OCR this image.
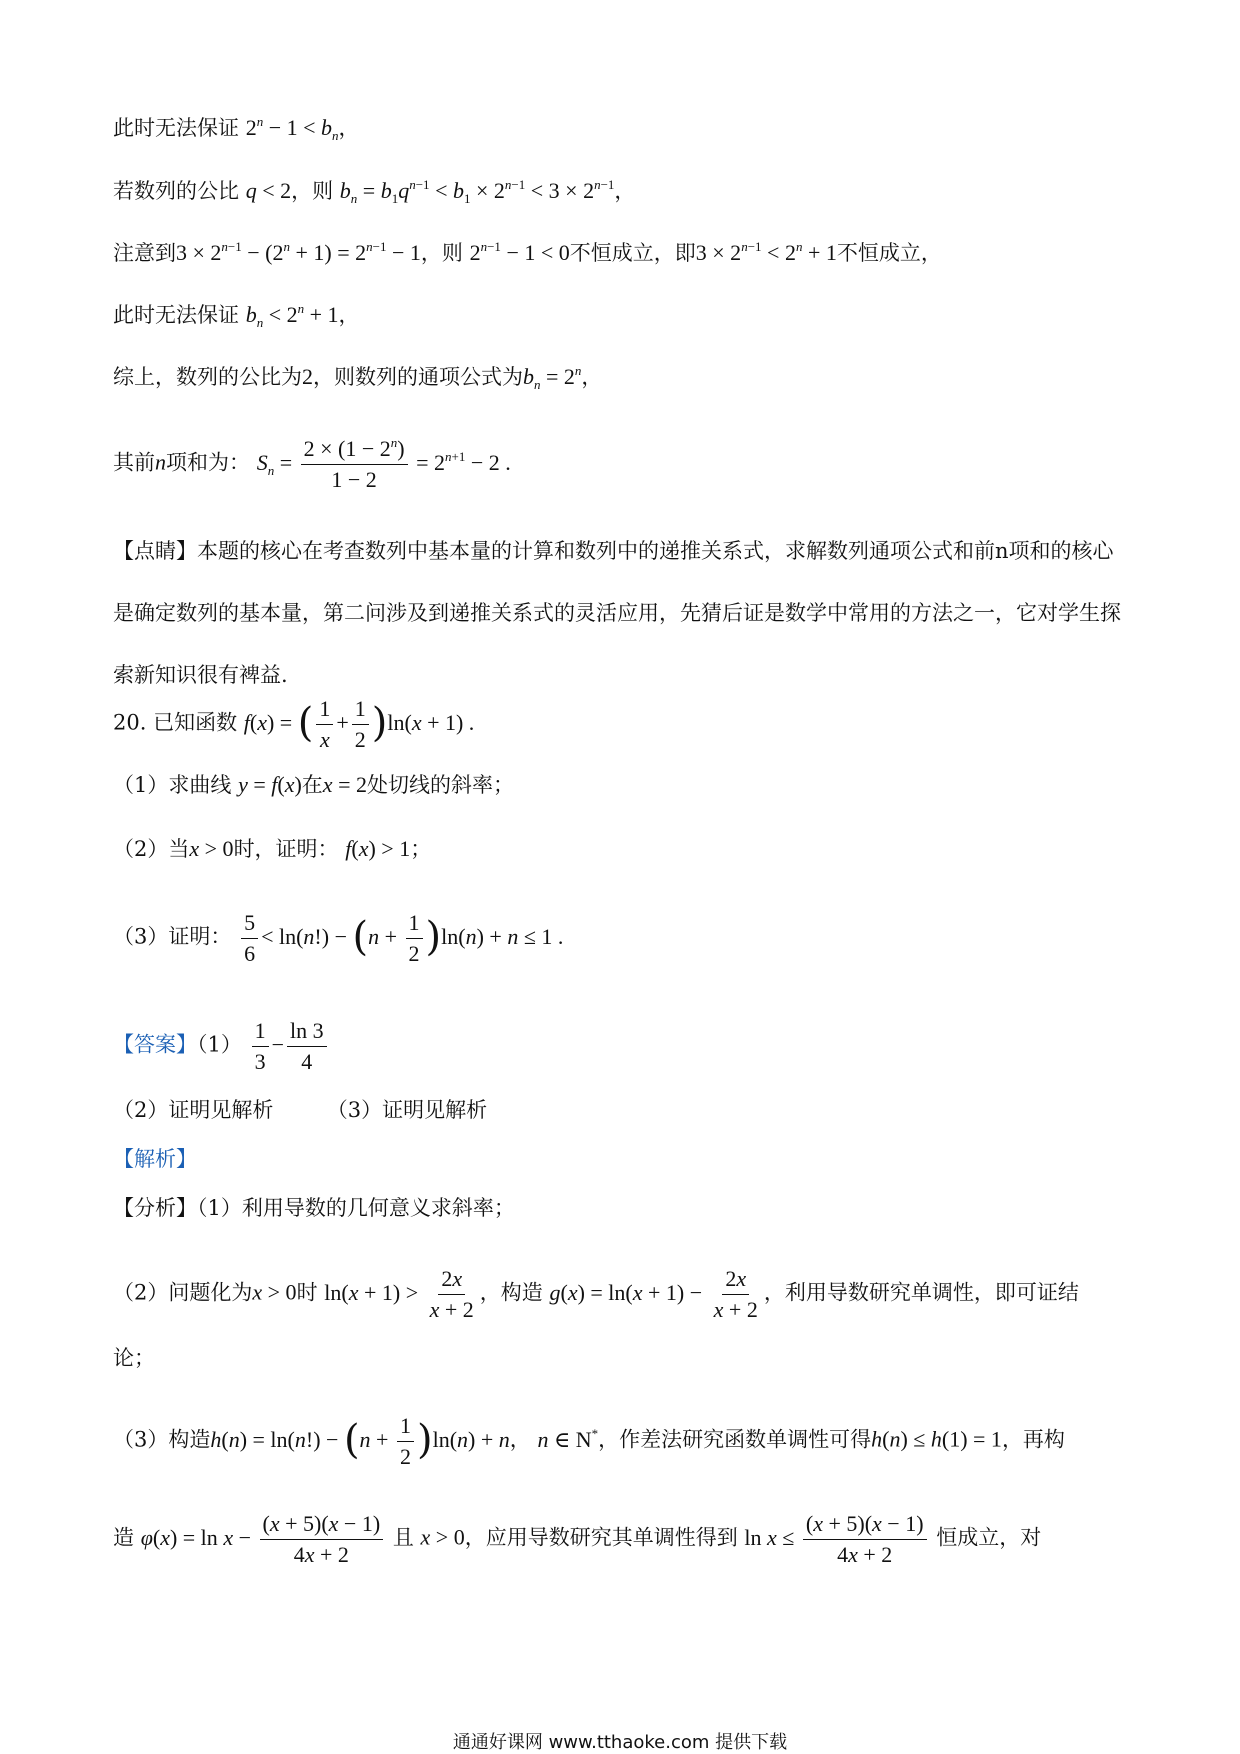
此时无法保证 $2^n - 1 < b_n$，
若数列的公比 q < 2，则 $b_n = b_1q^{n-1} < b_1 \times 2^{n-1} < 3 \times 2^{n-1}$，
注意到$3 \times 2^{n-1} - (2^n + 1) = 2^{n-1} - 1$，则 $2^{n-1} - 1 < 0$不恒成立，即$3 \times 2^{n-1} < 2^n + 1$不恒成立，
此时无法保证 $b_n < 2^n + 1$，
综上，数列的公比为2，则数列的通项公式为$b_n = 2^n$，
其前n项和为： $S_n = \frac{2 \times (1 - 2^n)}{1 - 2} = 2^{n+1} - 2$ .
【点睛】本题的核心在考查数列中基本量的计算和数列中的递推关系式，求解数列通项公式和前n项和的核心是确定数列的基本量，第二问涉及到递推关系式的灵活应用，先猜后证是数学中常用的方法之一，它对学生探索新知识很有裨益.
20. 已知函数 f(x) = ( $\frac{1}{x} + \frac{1}{2} )\ln(x + 1)$ .
（1）求曲线 y = f(x)在x = 2处切线的斜率；
（2）当x > 0时，证明： f(x) > 1；
（3）证明： $\frac{5}{6} < \ln(n!) - (n + \frac{1}{2} )\ln(n) + n \le 1$ .
【答案】$(1) \frac{1}{3} - \frac{\ln 3}{4}$
（2）证明见解析	（3）证明见解析
【解析】
【分析】（1）利用导数的几何意义求斜率；
（2）问题化为x > 0时 $\ln(x + 1) > \frac{2x}{x + 2}$ ，构造 $g(x) = \ln(x + 1) - \frac{2x}{x + 2}$ ，利用导数研究单调性，即可证结
论；
（3）构造$h(n) = \ln(n!) - (n + \frac{1}{2} )\ln(n) + n$， n ∈ N*，作差法研究函数单调性可得h(n) ≤ h(1) = 1，再构
造 $\varphi(x) = \ln x - \frac{(x + 5)(x - 1)}{4x + 2}$ 且 x > 0，应用导数研究其单调性得到 $\ln x \le \frac{(x + 5)(x - 1)}{4x + 2}$ 恒成立，对
通通好课网 www.tthaoke.com 提供下载
